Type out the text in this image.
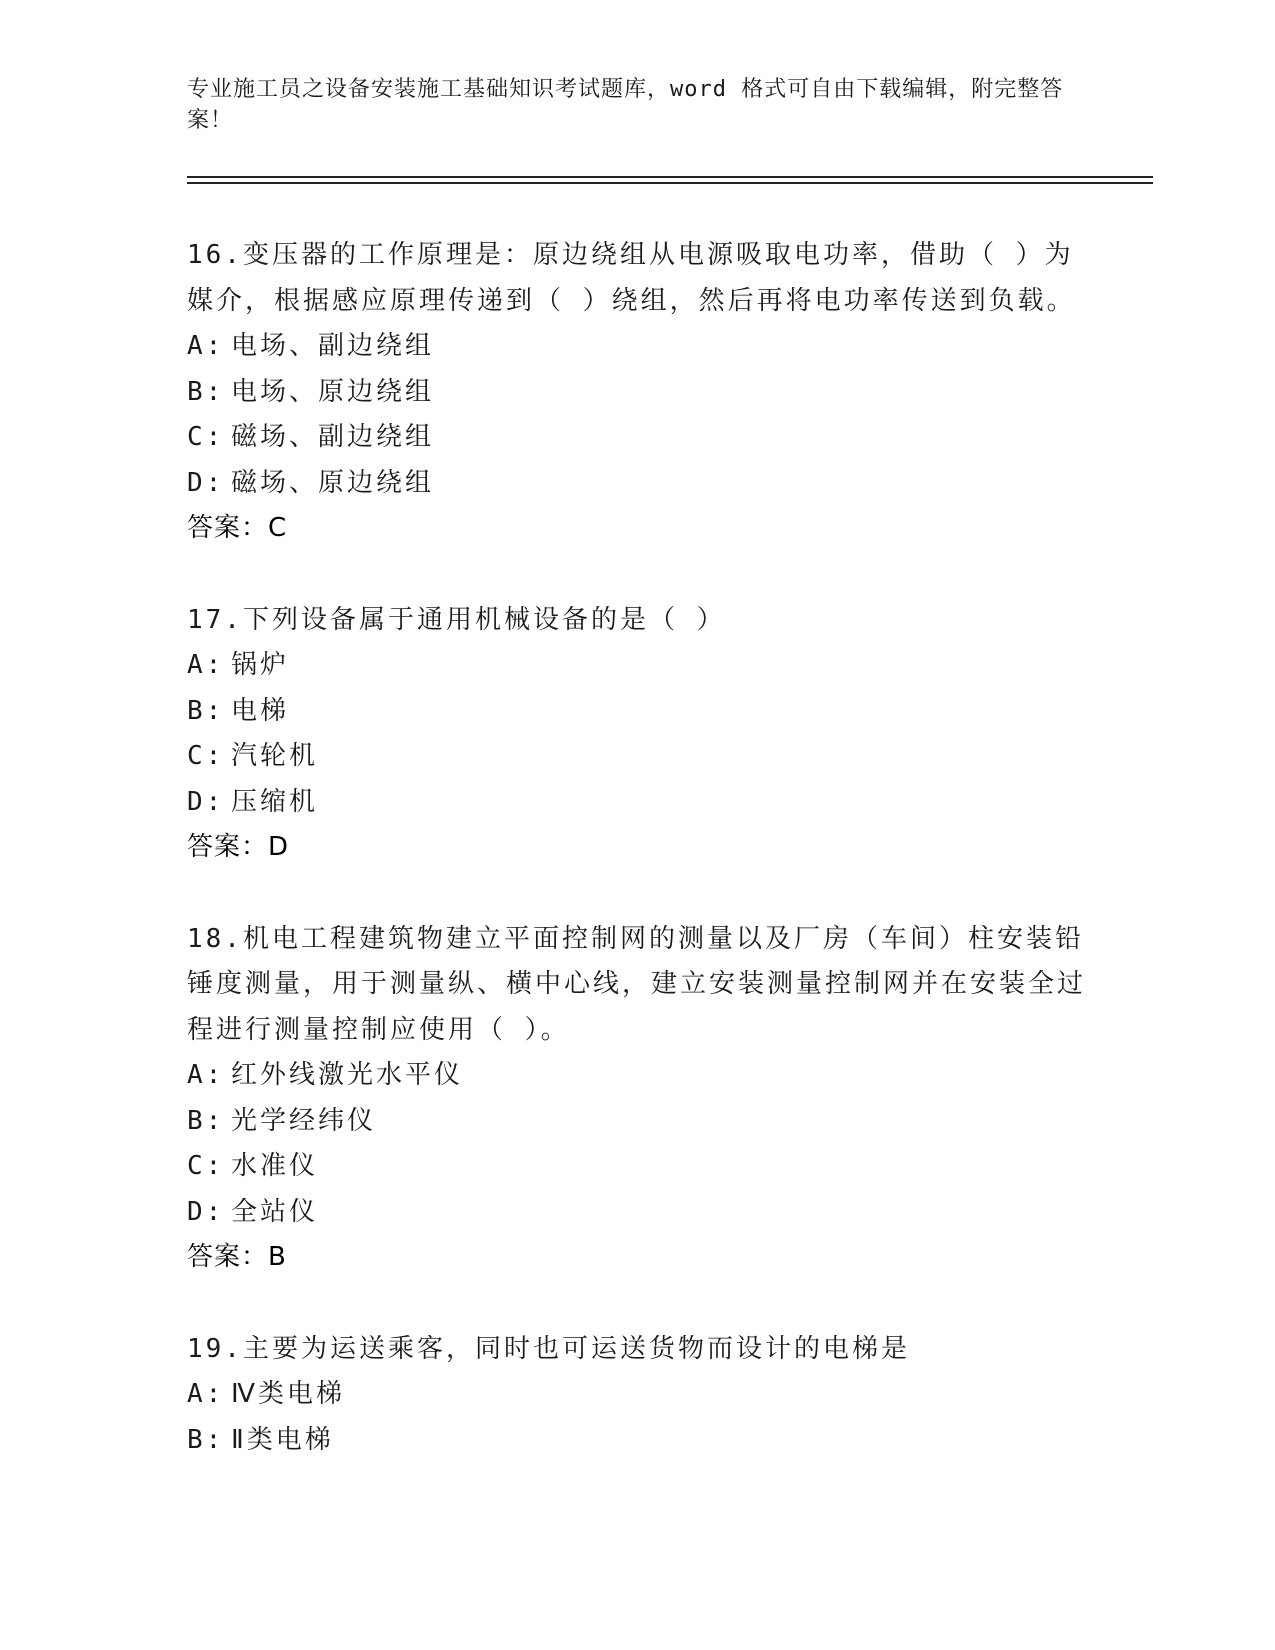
专业施工员之设备安装施工基础知识考试题库，word 格式可自由下载编辑，附完整答案！

16.变压器的工作原理是：原边绕组从电源吸取电功率，借助（ ）为媒介，根据感应原理传递到（ ）绕组，然后再将电功率传送到负载。

A: 电场、副边绕组
B: 电场、原边绕组
C: 磁场、副边绕组
D: 磁场、原边绕组
答案：C

17.下列设备属于通用机械设备的是（ ）

A: 锅炉
B: 电梯
C: 汽轮机
D: 压缩机
答案：D

18.机电工程建筑物建立平面控制网的测量以及厂房（车间）柱安装铅锤度测量，用于测量纵、横中心线，建立安装测量控制网并在安装全过程进行测量控制应使用（ ）。

A: 红外线激光水平仪
B: 光学经纬仪
C: 水准仪
D: 全站仪
答案：B

19.主要为运送乘客，同时也可运送货物而设计的电梯是

A: Ⅳ类电梯
B: Ⅱ类电梯
